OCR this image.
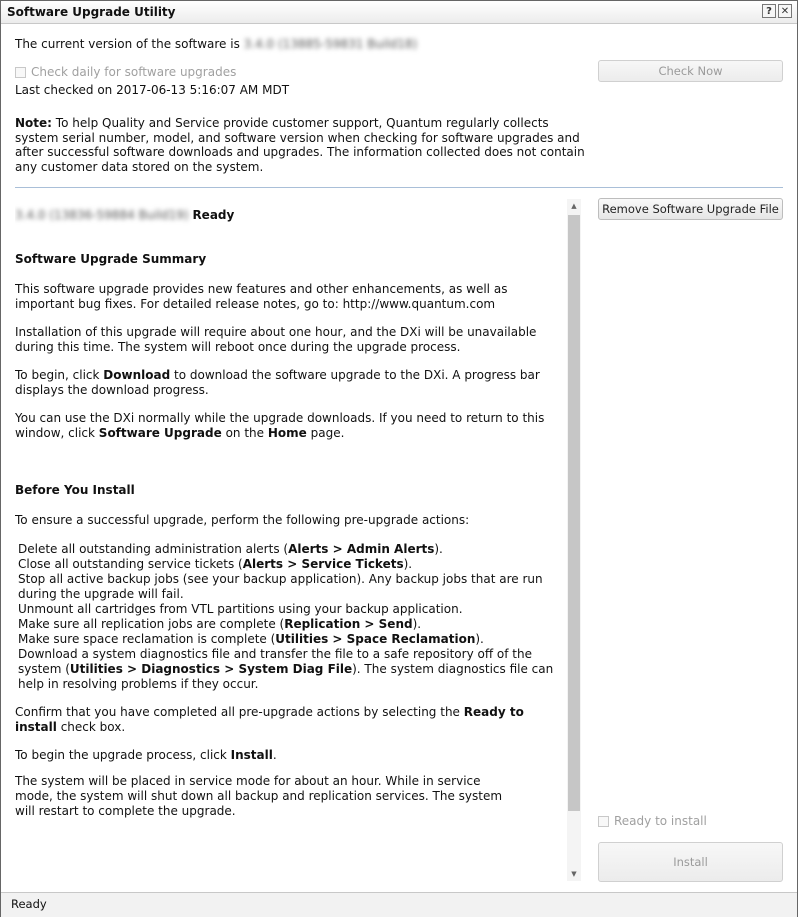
Software Upgrade Utility	? ✕
The current version of the software is 3.4.0 (13885-59831 Build18)
Check daily for software upgrades
Last checked on 2017-06-13 5:16:07 AM MDT
Check Now
Note: To help Quality and Service provide customer support, Quantum regularly collects system serial number, model, and software version when checking for software upgrades and after successful software downloads and upgrades. The information collected does not contain any customer data stored on the system.

3.4.0 (13836-59884 Build19) Ready

Software Upgrade Summary

This software upgrade provides new features and other enhancements, as well as important bug fixes. For detailed release notes, go to: http://www.quantum.com

Installation of this upgrade will require about one hour, and the DXi will be unavailable during this time. The system will reboot once during the upgrade process.

To begin, click Download to download the software upgrade to the DXi. A progress bar displays the download progress.

You can use the DXi normally while the upgrade downloads. If you need to return to this window, click Software Upgrade on the Home page.

Before You Install

To ensure a successful upgrade, perform the following pre-upgrade actions:

Delete all outstanding administration alerts (Alerts > Admin Alerts).

Close all outstanding service tickets (Alerts > Service Tickets).

Stop all active backup jobs (see your backup application). Any backup jobs that are run during the upgrade will fail.

Unmount all cartridges from VTL partitions using your backup application.

Make sure all replication jobs are complete (Replication > Send).

Make sure space reclamation is complete (Utilities > Space Reclamation).

Download a system diagnostics file and transfer the file to a safe repository off of the system (Utilities > Diagnostics > System Diag File). The system diagnostics file can help in resolving problems if they occur.

Confirm that you have completed all pre-upgrade actions by selecting the Ready to install check box.

To begin the upgrade process, click Install.

The system will be placed in service mode for about an hour. While in service mode, the system will shut down all backup and replication services. The system will restart to complete the upgrade.

▲
▼
Remove Software Upgrade File
Ready to install
Install
Ready
